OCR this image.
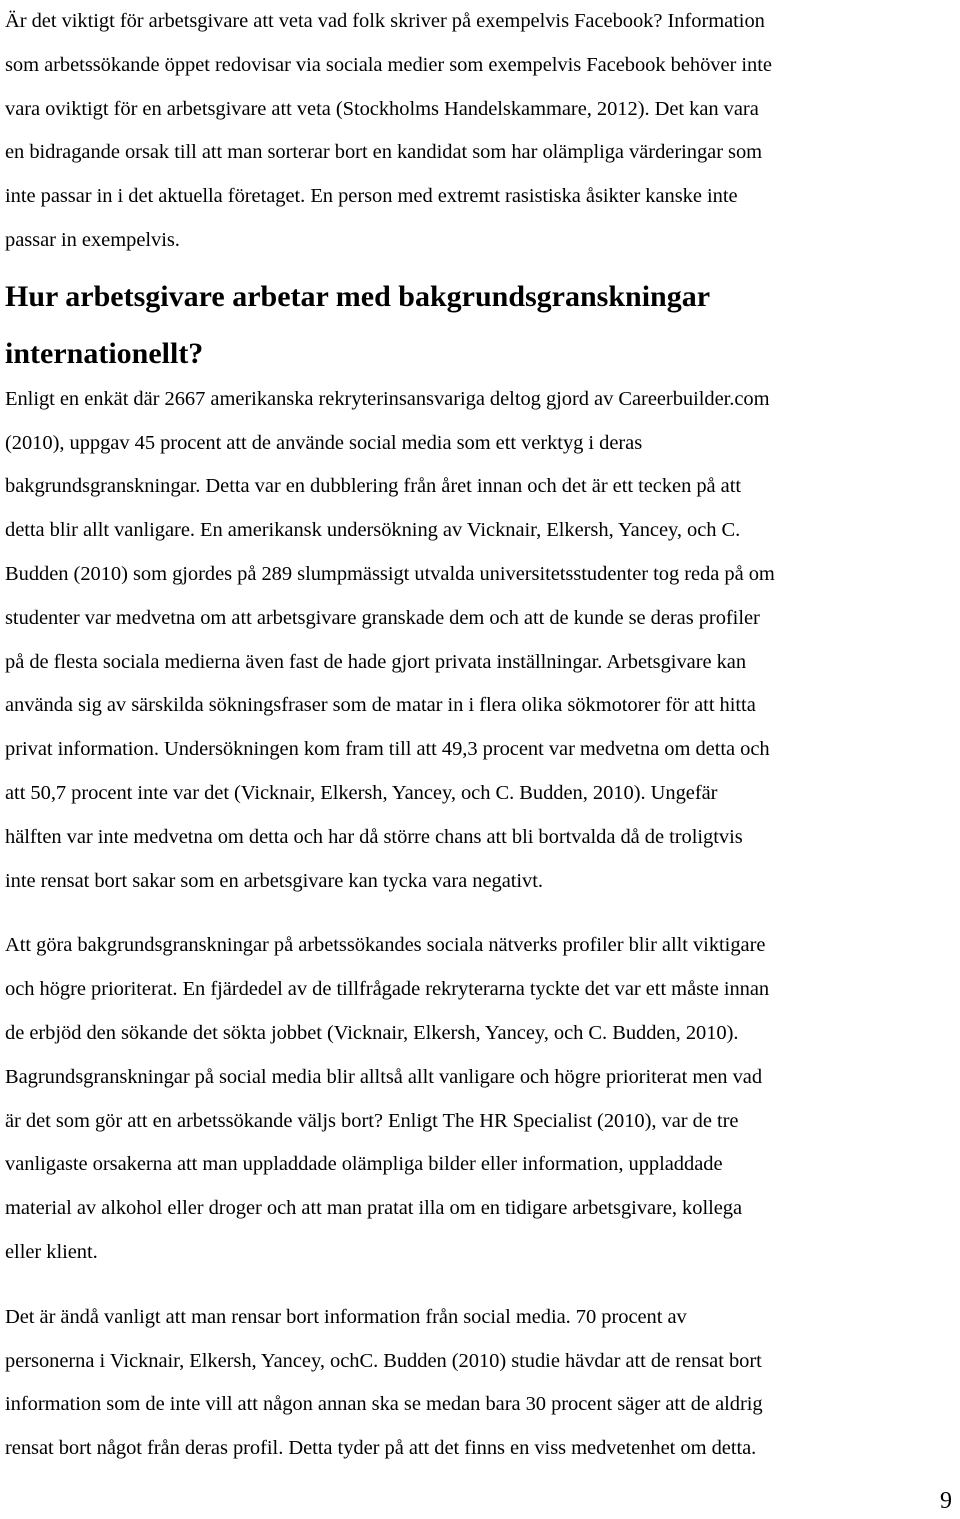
Är det viktigt för arbetsgivare att veta vad folk skriver på exempelvis Facebook? Information
som arbetssökande öppet redovisar via sociala medier som exempelvis Facebook behöver inte
vara oviktigt för en arbetsgivare att veta (Stockholms Handelskammare, 2012). Det kan vara
en bidragande orsak till att man sorterar bort en kandidat som har olämpliga värderingar som
inte passar in i det aktuella företaget. En person med extremt rasistiska åsikter kanske inte
passar in exempelvis.

Hur arbetsgivare arbetar med bakgrundsgranskningar
internationellt?

Enligt en enkät där 2667 amerikanska rekryterinsansvariga deltog gjord av Careerbuilder.com
(2010), uppgav 45 procent att de använde social media som ett verktyg i deras
bakgrundsgranskningar. Detta var en dubblering från året innan och det är ett tecken på att
detta blir allt vanligare. En amerikansk undersökning av Vicknair, Elkersh, Yancey, och C.
Budden (2010) som gjordes på 289 slumpmässigt utvalda universitetsstudenter tog reda på om
studenter var medvetna om att arbetsgivare granskade dem och att de kunde se deras profiler
på de flesta sociala medierna även fast de hade gjort privata inställningar. Arbetsgivare kan
använda sig av särskilda sökningsfraser som de matar in i flera olika sökmotorer för att hitta
privat information. Undersökningen kom fram till att 49,3 procent var medvetna om detta och
att 50,7 procent inte var det (Vicknair, Elkersh, Yancey, och C. Budden, 2010). Ungefär
hälften var inte medvetna om detta och har då större chans att bli bortvalda då de troligtvis
inte rensat bort sakar som en arbetsgivare kan tycka vara negativt.

Att göra bakgrundsgranskningar på arbetssökandes sociala nätverks profiler blir allt viktigare
och högre prioriterat. En fjärdedel av de tillfrågade rekryterarna tyckte det var ett måste innan
de erbjöd den sökande det sökta jobbet (Vicknair, Elkersh, Yancey, och C. Budden, 2010).
Bagrundsgranskningar på social media blir alltså allt vanligare och högre prioriterat men vad
är det som gör att en arbetssökande väljs bort? Enligt The HR Specialist (2010), var de tre
vanligaste orsakerna att man uppladdade olämpliga bilder eller information, uppladdade
material av alkohol eller droger och att man pratat illa om en tidigare arbetsgivare, kollega
eller klient.

Det är ändå vanligt att man rensar bort information från social media. 70 procent av
personerna i Vicknair, Elkersh, Yancey, ochC. Budden (2010) studie hävdar att de rensat bort
information som de inte vill att någon annan ska se medan bara 30 procent säger att de aldrig
rensat bort något från deras profil. Detta tyder på att det finns en viss medvetenhet om detta.

9
